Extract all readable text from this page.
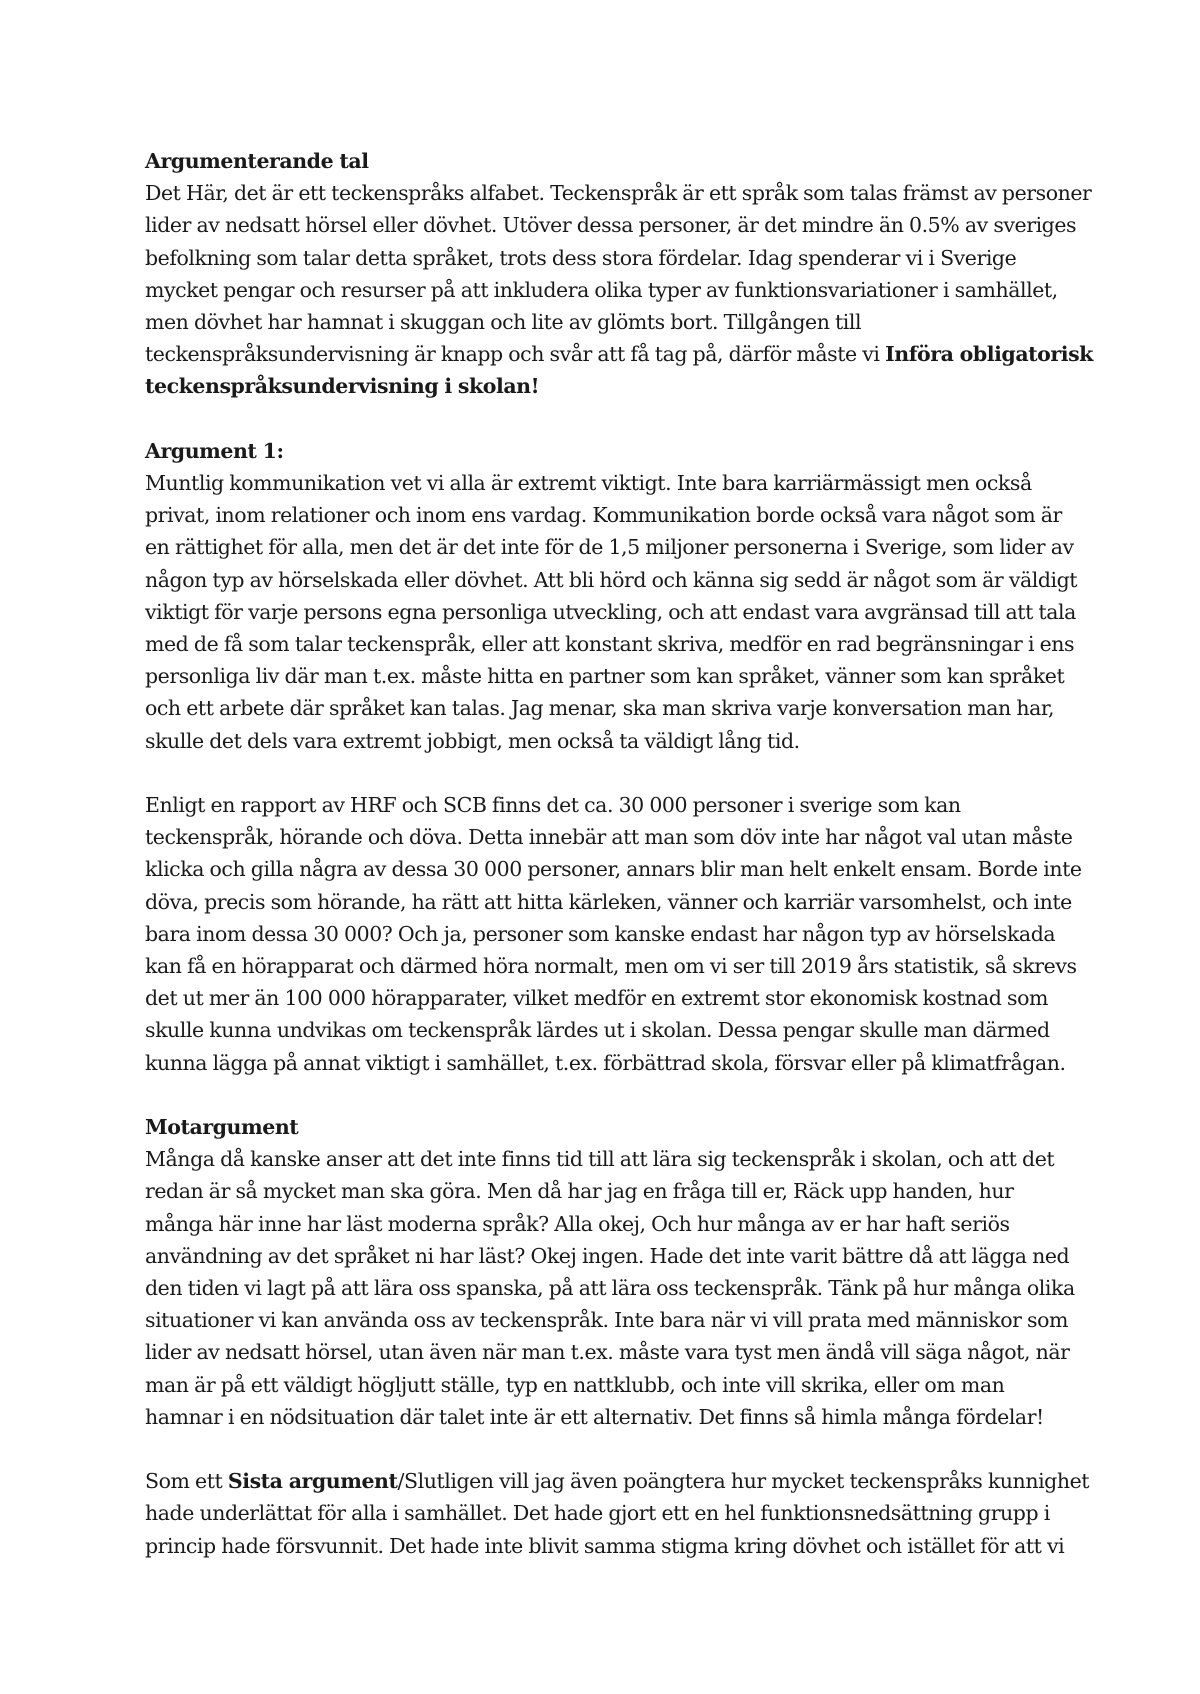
Argumenterande tal
Det Här, det är ett teckenspråks alfabet. Teckenspråk är ett språk som talas främst av personer
lider av nedsatt hörsel eller dövhet. Utöver dessa personer, är det mindre än 0.5% av sveriges
befolkning som talar detta språket, trots dess stora fördelar. Idag spenderar vi i Sverige
mycket pengar och resurser på att inkludera olika typer av funktionsvariationer i samhället,
men dövhet har hamnat i skuggan och lite av glömts bort. Tillgången till
teckenspråksundervisning är knapp och svår att få tag på, därför måste vi Införa obligatorisk
teckenspråksundervisning i skolan!
Argument 1:
Muntlig kommunikation vet vi alla är extremt viktigt. Inte bara karriärmässigt men också
privat, inom relationer och inom ens vardag. Kommunikation borde också vara något som är
en rättighet för alla, men det är det inte för de 1,5 miljoner personerna i Sverige, som lider av
någon typ av hörselskada eller dövhet. Att bli hörd och känna sig sedd är något som är väldigt
viktigt för varje persons egna personliga utveckling, och att endast vara avgränsad till att tala
med de få som talar teckenspråk, eller att konstant skriva, medför en rad begränsningar i ens
personliga liv där man t.ex. måste hitta en partner som kan språket, vänner som kan språket
och ett arbete där språket kan talas. Jag menar, ska man skriva varje konversation man har,
skulle det dels vara extremt jobbigt, men också ta väldigt lång tid.
Enligt en rapport av HRF och SCB finns det ca. 30 000 personer i sverige som kan
teckenspråk, hörande och döva. Detta innebär att man som döv inte har något val utan måste
klicka och gilla några av dessa 30 000 personer, annars blir man helt enkelt ensam. Borde inte
döva, precis som hörande, ha rätt att hitta kärleken, vänner och karriär varsomhelst, och inte
bara inom dessa 30 000? Och ja, personer som kanske endast har någon typ av hörselskada
kan få en hörapparat och därmed höra normalt, men om vi ser till 2019 års statistik, så skrevs
det ut mer än 100 000 hörapparater, vilket medför en extremt stor ekonomisk kostnad som
skulle kunna undvikas om teckenspråk lärdes ut i skolan. Dessa pengar skulle man därmed
kunna lägga på annat viktigt i samhället, t.ex. förbättrad skola, försvar eller på klimatfrågan.
Motargument
Många då kanske anser att det inte finns tid till att lära sig teckenspråk i skolan, och att det
redan är så mycket man ska göra. Men då har jag en fråga till er, Räck upp handen, hur
många här inne har läst moderna språk? Alla okej, Och hur många av er har haft seriös
användning av det språket ni har läst? Okej ingen. Hade det inte varit bättre då att lägga ned
den tiden vi lagt på att lära oss spanska, på att lära oss teckenspråk. Tänk på hur många olika
situationer vi kan använda oss av teckenspråk. Inte bara när vi vill prata med människor som
lider av nedsatt hörsel, utan även när man t.ex. måste vara tyst men ändå vill säga något, när
man är på ett väldigt högljutt ställe, typ en nattklubb, och inte vill skrika, eller om man
hamnar i en nödsituation där talet inte är ett alternativ. Det finns så himla många fördelar!
Som ett Sista argument/Slutligen vill jag även poängtera hur mycket teckenspråks kunnighet
hade underlättat för alla i samhället. Det hade gjort ett en hel funktionsnedsättning grupp i
princip hade försvunnit. Det hade inte blivit samma stigma kring dövhet och istället för att vi
